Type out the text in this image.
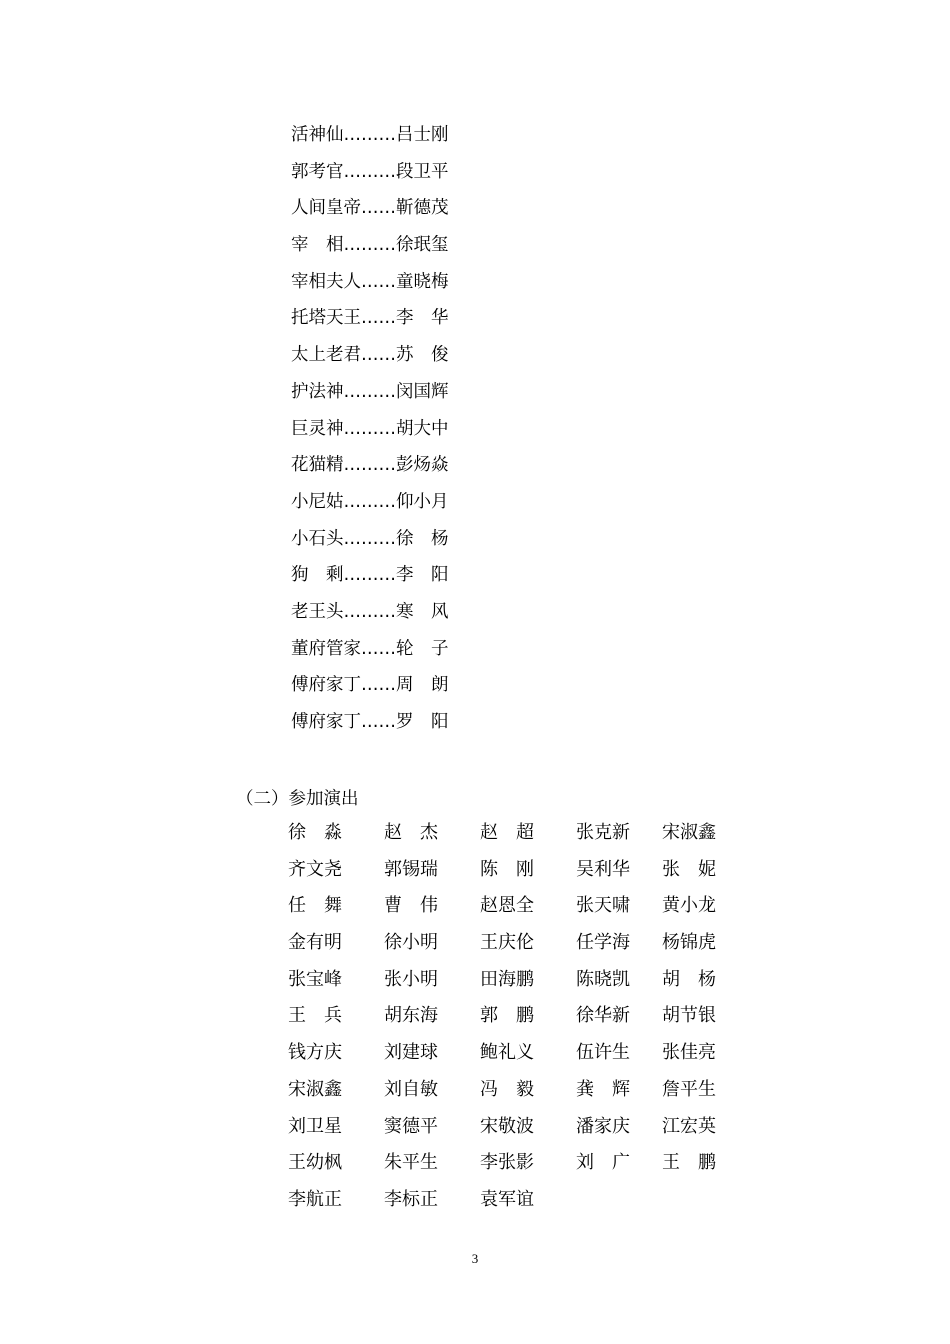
活神仙………吕士刚
郭考官………段卫平
人间皇帝……靳德茂
宰　相………徐珉玺
宰相夫人……童晓梅
托塔天王……李　华
太上老君……苏　俊
护法神………闵国辉
巨灵神………胡大中
花猫精………彭炀焱
小尼姑………仰小月
小石头………徐　杨
狗　剩………李　阳
老王头………寒　风
董府管家……轮　子
傅府家丁……周　朗
傅府家丁……罗　阳
（二）参加演出
徐　淼 赵　杰 赵　超 张克新 宋淑鑫
齐文尧 郭锡瑞 陈　刚 吴利华 张　妮
任　舞 曹　伟 赵恩全 张天啸 黄小龙
金有明 徐小明 王庆伦 任学海 杨锦虎
张宝峰 张小明 田海鹏 陈晓凯 胡　杨
王　兵 胡东海 郭　鹏 徐华新 胡节银
钱方庆 刘建球 鲍礼义 伍许生 张佳亮
宋淑鑫 刘自敏 冯　毅 龚　辉 詹平生
刘卫星 窦德平 宋敬波 潘家庆 江宏英
王幼枫 朱平生 李张影 刘　广 王　鹏
李航正 李标正 袁军谊
3
